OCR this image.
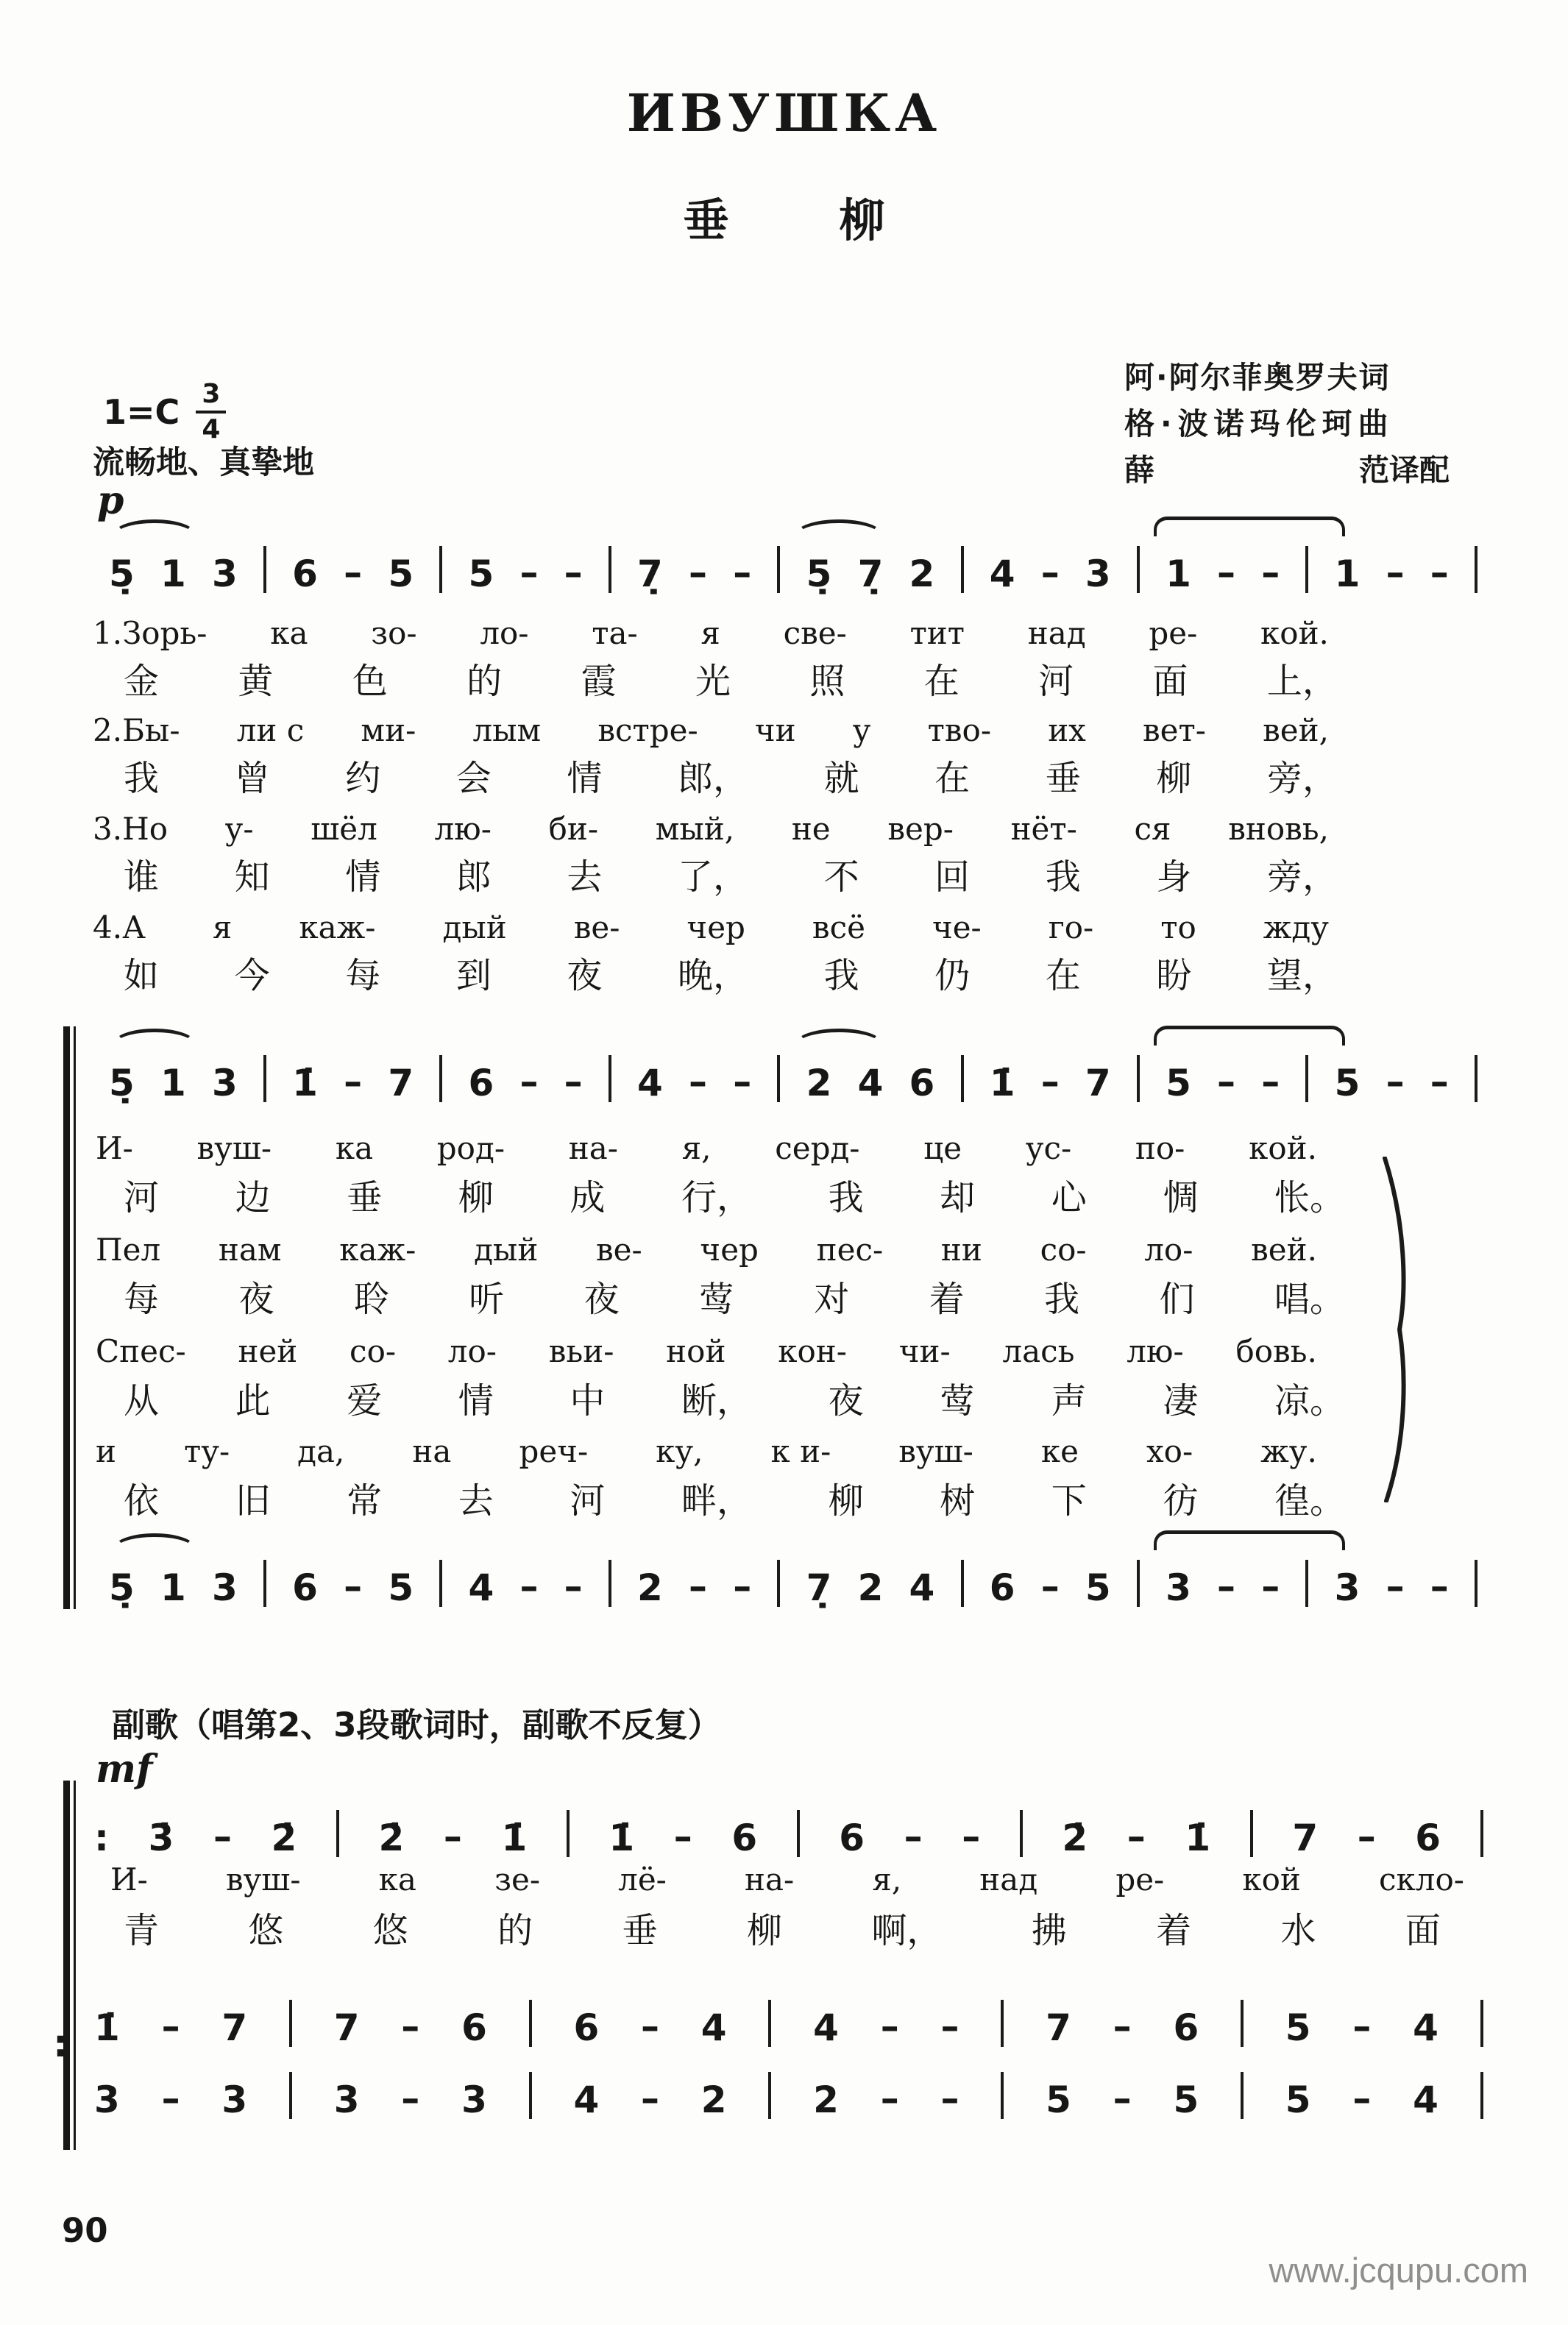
ИВУШКА
垂 柳
阿·阿尔菲奥罗夫词
格·波诺玛伦珂曲
薛	范译配
$1=C \frac{3}{4}$
流畅地、真挚地
p
5̣ 1 3 6 – 5 5 – – 7̣ – – 5̣ 7̣ 2 4 – 3 1 – – 1 – –
1.Зорь- ка зо- ло- та- я све- тит над ре- кой.
金 黄 色 的 霞 光 照 在 河 面 上，
2.Бы- ли с ми- лым встре- чи у тво- их вет- вей,
我 曾 约 会 情 郎， 就 在 垂 柳 旁，
3.Но у- шёл лю- би- мый, не вер- нёт- ся вновь,
谁 知 情 郎 去 了， 不 回 我 身 旁，
4.А я каж- дый ве- чер всё че- го- то жду
如 今 每 到 夜 晚， 我 仍 在 盼 望，
5̣ 1 3 1̇ – 7 6 – – 4 – – 2 4 6 1̇ – 7 5 – – 5 – –
И- вуш- ка род- на- я, серд- це ус- по- кой.
河 边 垂 柳 成 行， 我 却 心 惆 怅。
Пел нам каж- дый ве- чер пес- ни со- ло- вей.
每 夜 聆 听 夜 莺 对 着 我 们 唱。
Спес- ней со- ло- вьи- ной кон- чи- лась лю- бовь.
从 此 爱 情 中 断， 夜 莺 声 凄 凉。
и ту- да, на реч- ку, к и- вуш- ке хо- жу.
依 旧 常 去 河 畔， 柳 树 下 彷 徨。
5̣ 1 3 6 – 5 4 – – 2 – – 7̣ 2 4 6 – 5 3 – – 3 – –
副歌（唱第2、3段歌词时，副歌不反复）
mf
: 3̇ – 2̇ 2̇ – 1̇ 1̇ – 6 6 – – 2̇ – 1̇ 7 – 6
И-	вуш-	ка	зе-	лё-	на-	я,	над	ре-	кой	скло-
青	悠	悠	的	垂	柳	啊，	拂	着	水	面
1̇ – 7 7 – 6 6 – 4 4 – – 7 – 6 5 – 4
:
3 – 3 3 – 3 4 – 2 2 – – 5 – 5 5 – 4
90
www.jcqupu.com
